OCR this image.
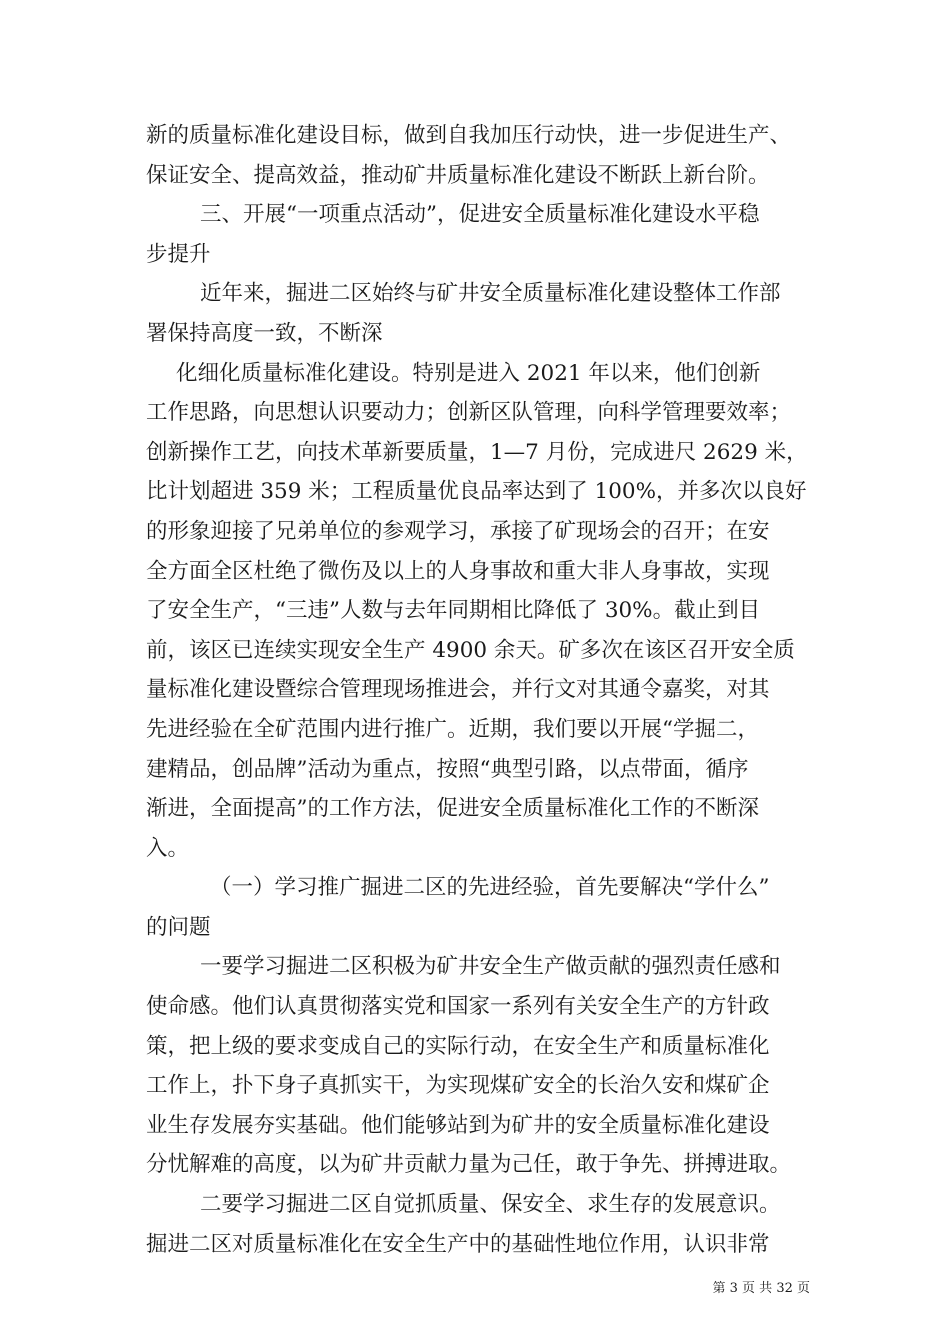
新的质量标准化建设目标，做到自我加压行动快，进一步促进生产、
保证安全、提高效益，推动矿井质量标准化建设不断跃上新台阶。
三、开展“一项重点活动”，促进安全质量标准化建设水平稳
步提升
近年来，掘进二区始终与矿井安全质量标准化建设整体工作部
署保持高度一致，不断深
化细化质量标准化建设。特别是进入 2021 年以来，他们创新
工作思路，向思想认识要动力；创新区队管理，向科学管理要效率；
创新操作工艺，向技术革新要质量，1—7 月份，完成进尺 2629 米，
比计划超进 359 米；工程质量优良品率达到了 100%，并多次以良好
的形象迎接了兄弟单位的参观学习，承接了矿现场会的召开；在安
全方面全区杜绝了微伤及以上的人身事故和重大非人身事故，实现
了安全生产，“三违”人数与去年同期相比降低了 30%。截止到目
前，该区已连续实现安全生产 4900 余天。矿多次在该区召开安全质
量标准化建设暨综合管理现场推进会，并行文对其通令嘉奖，对其
先进经验在全矿范围内进行推广。近期，我们要以开展“学掘二，
建精品，创品牌”活动为重点，按照“典型引路，以点带面，循序
渐进，全面提高”的工作方法，促进安全质量标准化工作的不断深
入。
（一）学习推广掘进二区的先进经验，首先要解决“学什么”
的问题
一要学习掘进二区积极为矿井安全生产做贡献的强烈责任感和
使命感。他们认真贯彻落实党和国家一系列有关安全生产的方针政
策，把上级的要求变成自己的实际行动，在安全生产和质量标准化
工作上，扑下身子真抓实干，为实现煤矿安全的长治久安和煤矿企
业生存发展夯实基础。他们能够站到为矿井的安全质量标准化建设
分忧解难的高度，以为矿井贡献力量为己任，敢于争先、拼搏进取。
二要学习掘进二区自觉抓质量、保安全、求生存的发展意识。
掘进二区对质量标准化在安全生产中的基础性地位作用，认识非常
第 3 页 共 32 页
